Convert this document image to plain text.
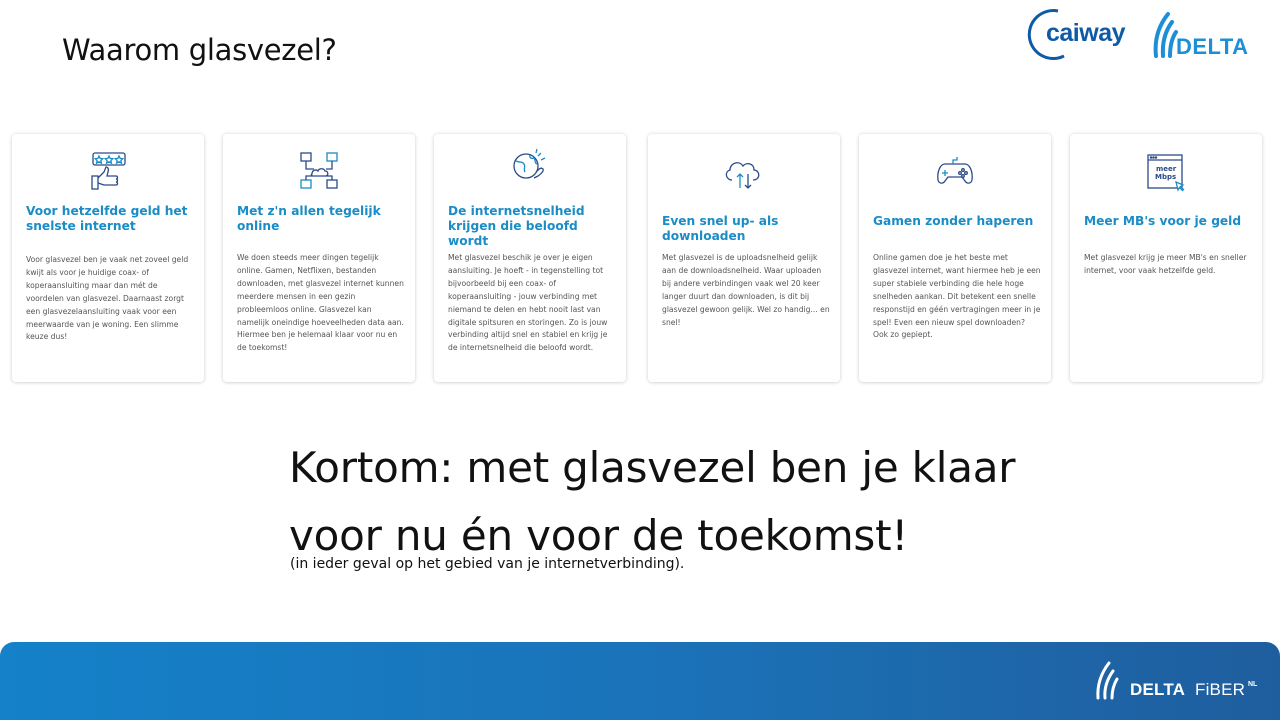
Waarom glasvezel?	caiway DELTA
Voor hetzelfde geld het snelste internet
Voor glasvezel ben je vaak net zoveel geld kwijt als voor je huidige coax- of koperaansluiting maar dan mét de voordelen van glasvezel. Daarnaast zorgt een glasvezelaansluiting vaak voor een meerwaarde van je woning. Een slimme keuze dus!
Met z'n allen tegelijk online
We doen steeds meer dingen tegelijk online. Gamen, Netflixen, bestanden downloaden, met glasvezel internet kunnen meerdere mensen in een gezin probleemloos online. Glasvezel kan namelijk oneindige hoeveelheden data aan. Hiermee ben je helemaal klaar voor nu en de toekomst!
De internetsnelheid krijgen die beloofd wordt
Met glasvezel beschik je over je eigen aansluiting. Je hoeft - in tegenstelling tot bijvoorbeeld bij een coax- of koperaansluiting - jouw verbinding met niemand te delen en hebt nooit last van digitale spitsuren en storingen. Zo is jouw verbinding altijd snel en stabiel en krijg je de internetsnelheid die beloofd wordt.
Even snel up- als downloaden
Met glasvezel is de uploadsnelheid gelijk aan de downloadsnelheid. Waar uploaden bij andere verbindingen vaak wel 20 keer langer duurt dan downloaden, is dit bij glasvezel gewoon gelijk. Wel zo handig... en snel!
Gamen zonder haperen
Online gamen doe je het beste met glasvezel internet, want hiermee heb je een super stabiele verbinding die hele hoge snelheden aankan. Dit betekent een snelle responstijd en géén vertragingen meer in je spel! Even een nieuw spel downloaden? Ook zo gepiept.
meer
Mbps
Meer MB's voor je geld
Met glasvezel krijg je meer MB's en sneller internet, voor vaak hetzelfde geld.
Kortom: met glasvezel ben je klaar
voor nu én voor de toekomst!
(in ieder geval op het gebied van je internetverbinding).
DELTA FiBER NL
